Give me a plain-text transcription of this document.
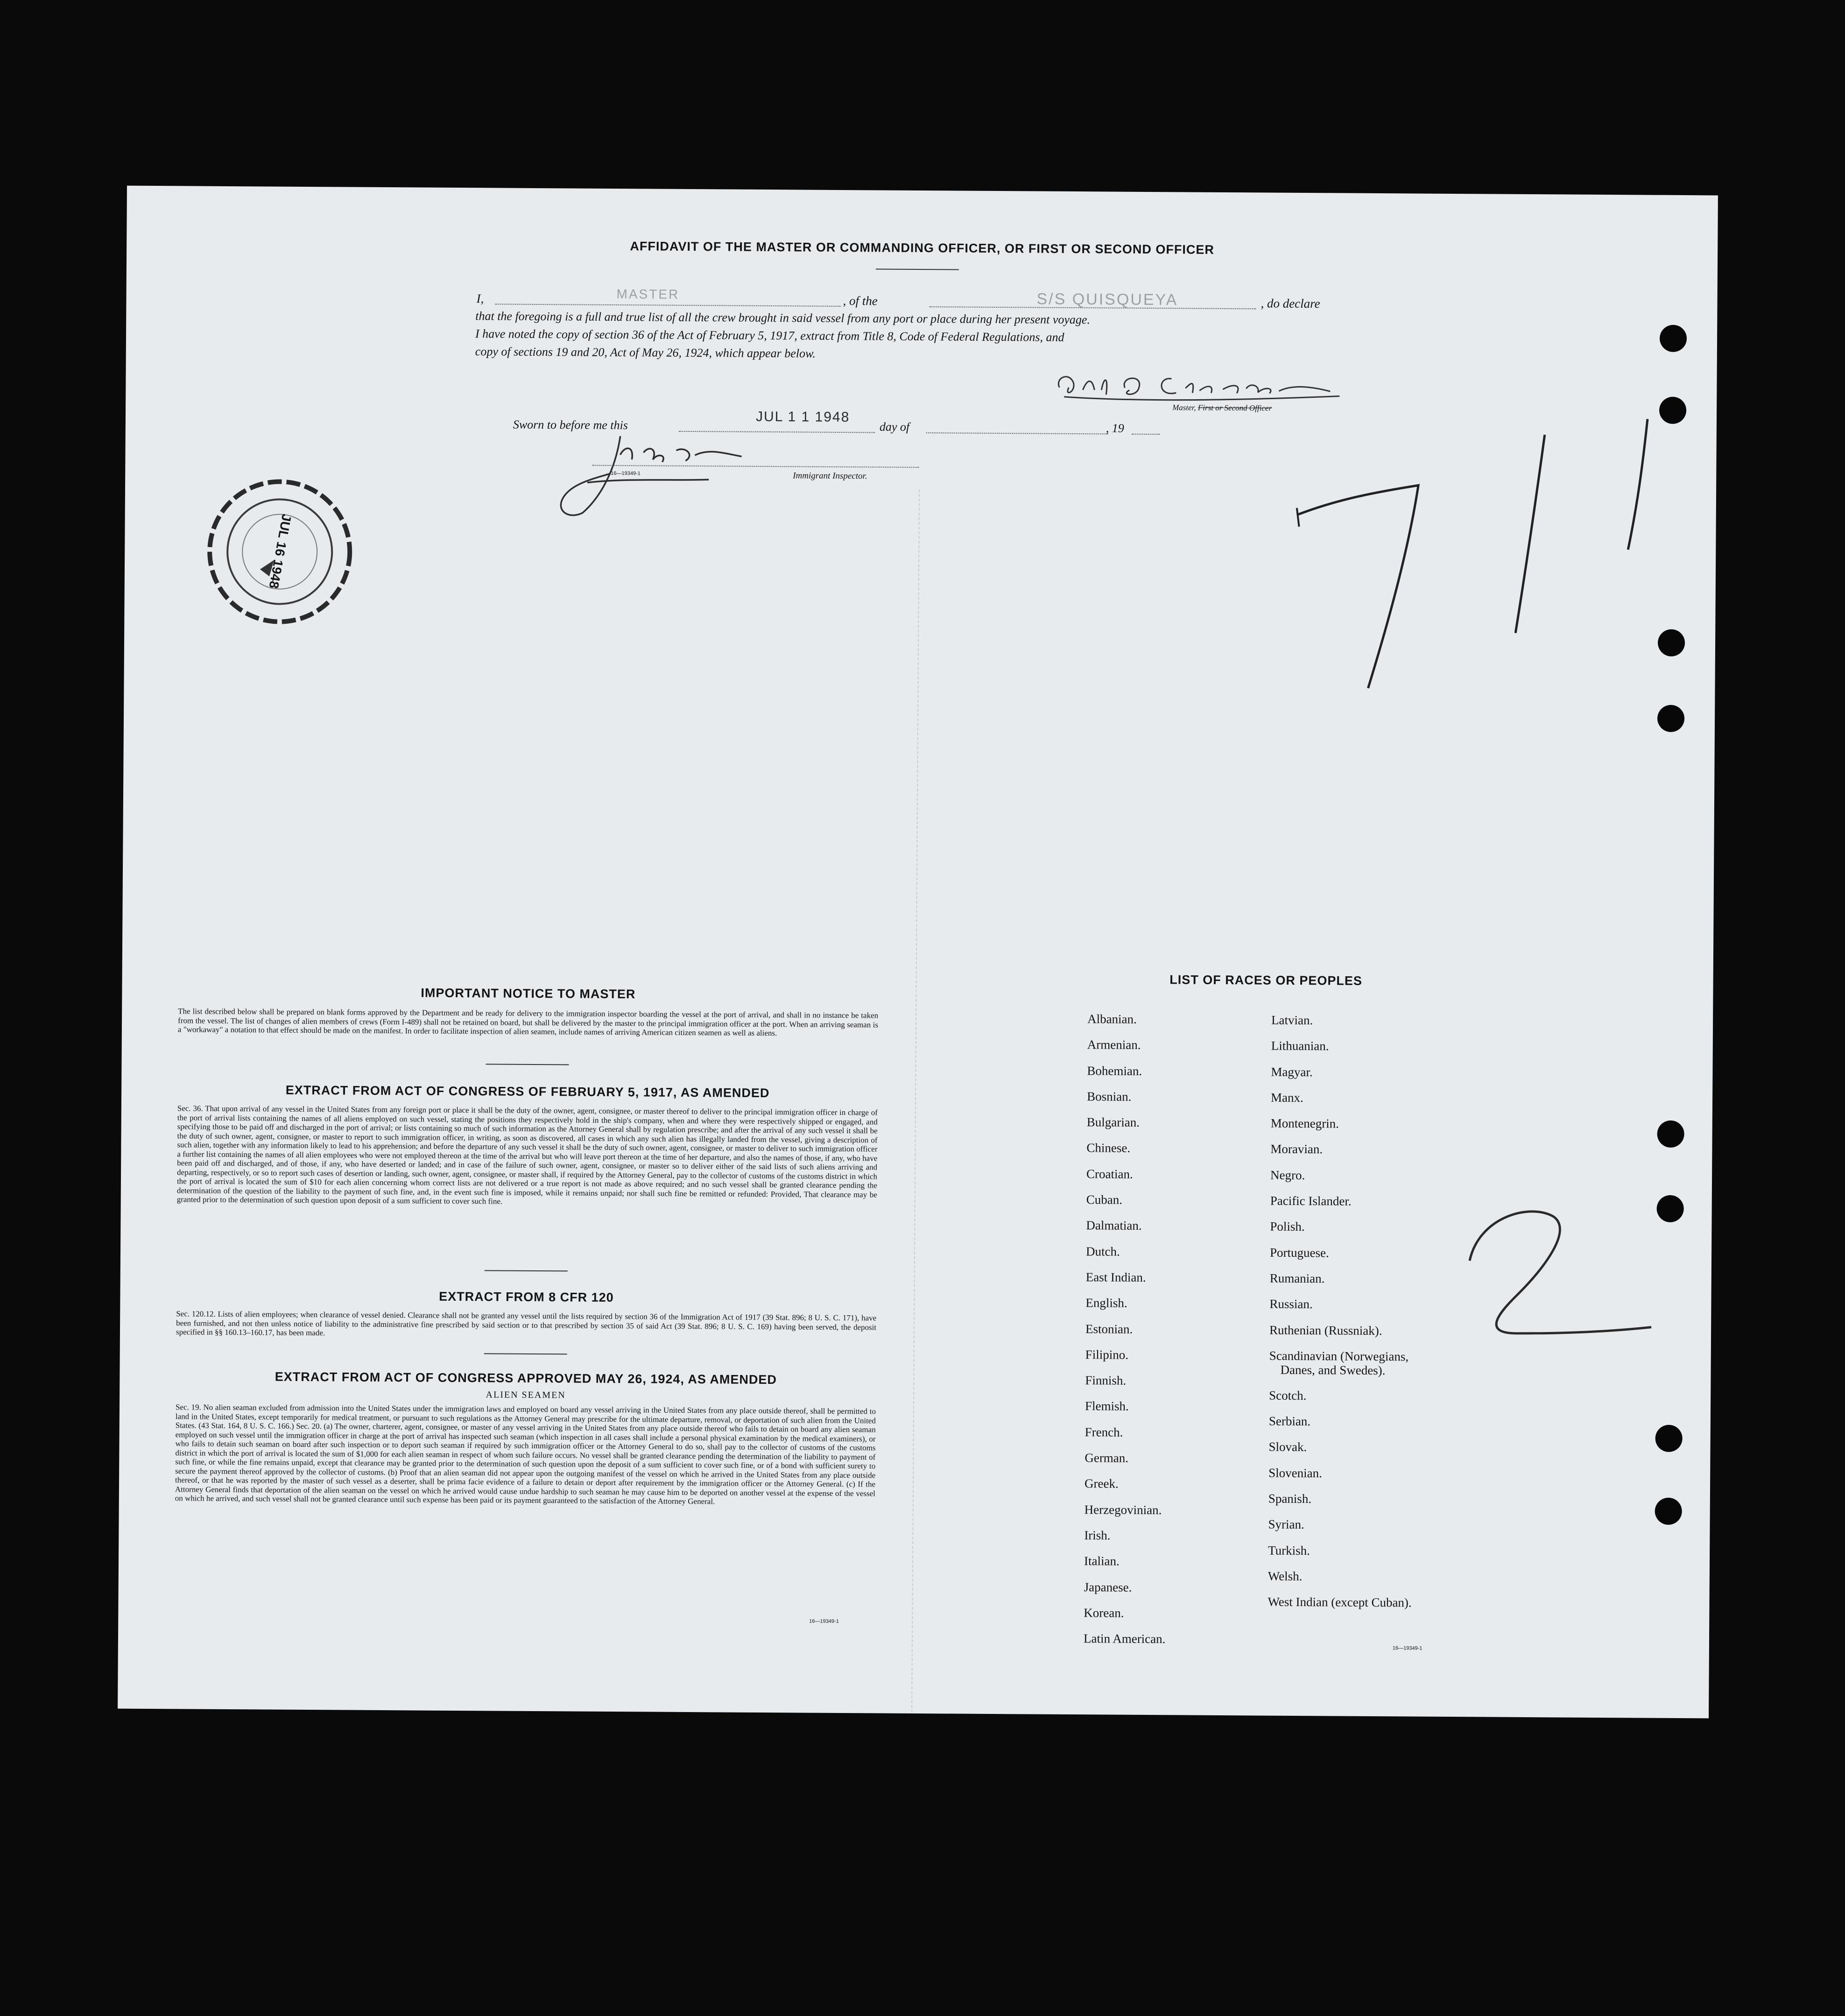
AFFIDAVIT OF THE MASTER OR COMMANDING OFFICER, OR FIRST OR SECOND OFFICER
I,	MASTER	, of the	S/S QUISQUEYA	, do declare
that the foregoing is a full and true list of all the crew brought in said vessel from any port or place during her present voyage.
I have noted the copy of section 36 of the Act of February 5, 1917, extract from Title 8, Code of Federal Regulations, and
copy of sections 19 and 20, Act of May 26, 1924, which appear below.
Master, First or Second Officer
Sworn to before me this	JUL 1 1 1948
day of	, 19
16—19349-1	Immigrant Inspector.
JUL 16 1948
IMPORTANT NOTICE TO MASTER
The list described below shall be prepared on blank forms approved by the Department and be ready for delivery to the immigration inspector boarding the vessel at the port of arrival, and shall in no instance be taken from the vessel. The list of changes of alien members of crews (Form I-489) shall not be retained on board, but shall be delivered by the master to the principal immigration officer at the port. When an arriving seaman is a "workaway" a notation to that effect should be made on the manifest. In order to facilitate inspection of alien seamen, include names of arriving American citizen seamen as well as aliens.
EXTRACT FROM ACT OF CONGRESS OF FEBRUARY 5, 1917, AS AMENDED
Sec. 36. That upon arrival of any vessel in the United States from any foreign port or place it shall be the duty of the owner, agent, consignee, or master thereof to deliver to the principal immigration officer in charge of the port of arrival lists containing the names of all aliens employed on such vessel, stating the positions they respectively hold in the ship's company, when and where they were respectively shipped or engaged, and specifying those to be paid off and discharged in the port of arrival; or lists containing so much of such information as the Attorney General shall by regulation prescribe; and after the arrival of any such vessel it shall be the duty of such owner, agent, consignee, or master to report to such immigration officer, in writing, as soon as discovered, all cases in which any such alien has illegally landed from the vessel, giving a description of such alien, together with any information likely to lead to his apprehension; and before the departure of any such vessel it shall be the duty of such owner, agent, consignee, or master to deliver to such immigration officer a further list containing the names of all alien employees who were not employed thereon at the time of the arrival but who will leave port thereon at the time of her departure, and also the names of those, if any, who have been paid off and discharged, and of those, if any, who have deserted or landed; and in case of the failure of such owner, agent, consignee, or master so to deliver either of the said lists of such aliens arriving and departing, respectively, or so to report such cases of desertion or landing, such owner, agent, consignee, or master shall, if required by the Attorney General, pay to the collector of customs of the customs district in which the port of arrival is located the sum of $10 for each alien concerning whom correct lists are not delivered or a true report is not made as above required; and no such vessel shall be granted clearance pending the determination of the question of the liability to the payment of such fine, and, in the event such fine is imposed, while it remains unpaid; nor shall such fine be remitted or refunded: Provided, That clearance may be granted prior to the determination of such question upon deposit of a sum sufficient to cover such fine.
EXTRACT FROM 8 CFR 120
Sec. 120.12. Lists of alien employees; when clearance of vessel denied. Clearance shall not be granted any vessel until the lists required by section 36 of the Immigration Act of 1917 (39 Stat. 896; 8 U. S. C. 171), have been furnished, and not then unless notice of liability to the administrative fine prescribed by said section or to that prescribed by section 35 of said Act (39 Stat. 896; 8 U. S. C. 169) having been served, the deposit specified in §§ 160.13–160.17, has been made.
EXTRACT FROM ACT OF CONGRESS APPROVED MAY 26, 1924, AS AMENDED
ALIEN SEAMEN
Sec. 19. No alien seaman excluded from admission into the United States under the immigration laws and employed on board any vessel arriving in the United States from any place outside thereof, shall be permitted to land in the United States, except temporarily for medical treatment, or pursuant to such regulations as the Attorney General may prescribe for the ultimate departure, removal, or deportation of such alien from the United States. (43 Stat. 164, 8 U. S. C. 166.) Sec. 20. (a) The owner, charterer, agent, consignee, or master of any vessel arriving in the United States from any place outside thereof who fails to detain on board any alien seaman employed on such vessel until the immigration officer in charge at the port of arrival has inspected such seaman (which inspection in all cases shall include a personal physical examination by the medical examiners), or who fails to detain such seaman on board after such inspection or to deport such seaman if required by such immigration officer or the Attorney General to do so, shall pay to the collector of customs of the customs district in which the port of arrival is located the sum of $1,000 for each alien seaman in respect of whom such failure occurs. No vessel shall be granted clearance pending the determination of the liability to payment of such fine, or while the fine remains unpaid, except that clearance may be granted prior to the determination of such question upon the deposit of a sum sufficient to cover such fine, or of a bond with sufficient surety to secure the payment thereof approved by the collector of customs. (b) Proof that an alien seaman did not appear upon the outgoing manifest of the vessel on which he arrived in the United States from any place outside thereof, or that he was reported by the master of such vessel as a deserter, shall be prima facie evidence of a failure to detain or deport after requirement by the immigration officer or the Attorney General. (c) If the Attorney General finds that deportation of the alien seaman on the vessel on which he arrived would cause undue hardship to such seaman he may cause him to be deported on another vessel at the expense of the vessel on which he arrived, and such vessel shall not be granted clearance until such expense has been paid or its payment guaranteed to the satisfaction of the Attorney General.
16—19349-1
LIST OF RACES OR PEOPLES
Albanian.
Armenian.
Bohemian.
Bosnian.
Bulgarian.
Chinese.
Croatian.
Cuban.
Dalmatian.
Dutch.
East Indian.
English.
Estonian.
Filipino.
Finnish.
Flemish.
French.
German.
Greek.
Herzegovinian.
Irish.
Italian.
Japanese.
Korean.
Latin American.
Latvian.
Lithuanian.
Magyar.
Manx.
Montenegrin.
Moravian.
Negro.
Pacific Islander.
Polish.
Portuguese.
Rumanian.
Russian.
Ruthenian (Russniak).
Scandinavian (Norwegians,
Danes, and Swedes).
Scotch.
Serbian.
Slovak.
Slovenian.
Spanish.
Syrian.
Turkish.
Welsh.
West Indian (except Cuban).
16—19349-1
